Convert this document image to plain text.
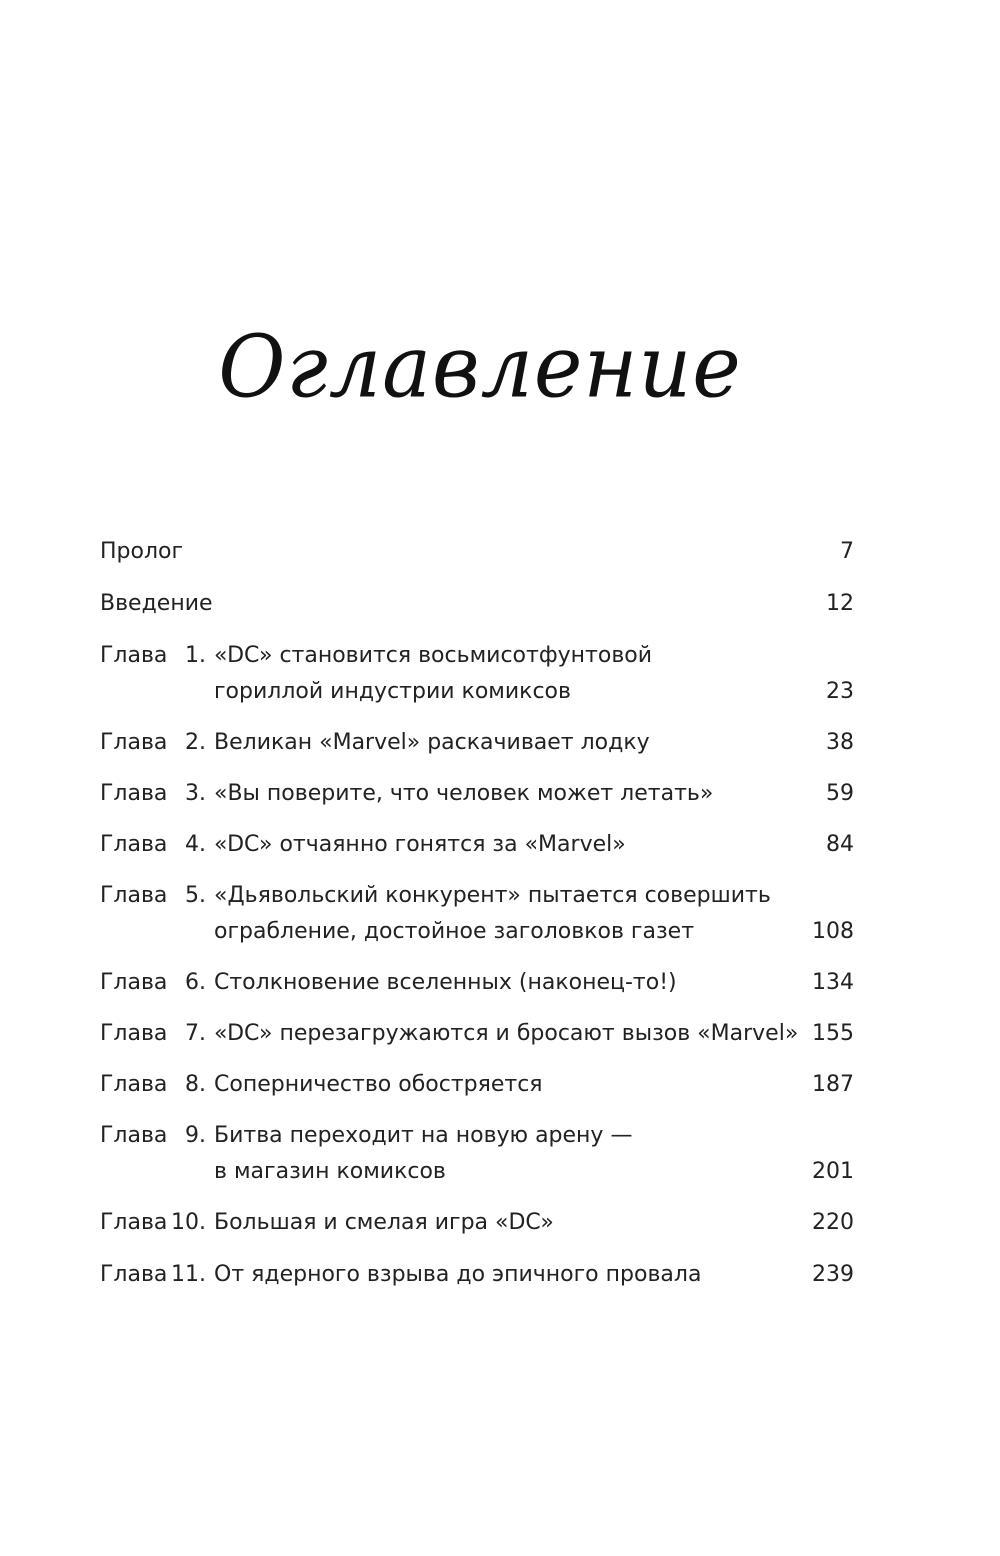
Оглавление
Пролог	7
Введение	12
Глава 1. «DC» становится восьмисотфунтовой
гориллой индустрии комиксов	23
Глава 2. Великан «Marvel» раскачивает лодку	38
Глава 3. «Вы поверите, что человек может летать»	59
Глава 4. «DC» отчаянно гонятся за «Marvel»	84
Глава 5. «Дьявольский конкурент» пытается совершить
ограбление, достойное заголовков газет	108
Глава 6. Столкновение вселенных (наконец-то!)	134
Глава 7. «DC» перезагружаются и бросают вызов «Marvel» 155
Глава 8. Соперничество обостряется	187
Глава 9. Битва переходит на новую арену —
в магазин комиксов	201
Глава 10. Большая и смелая игра «DC»	220
Глава 11. От ядерного взрыва до эпичного провала	239
